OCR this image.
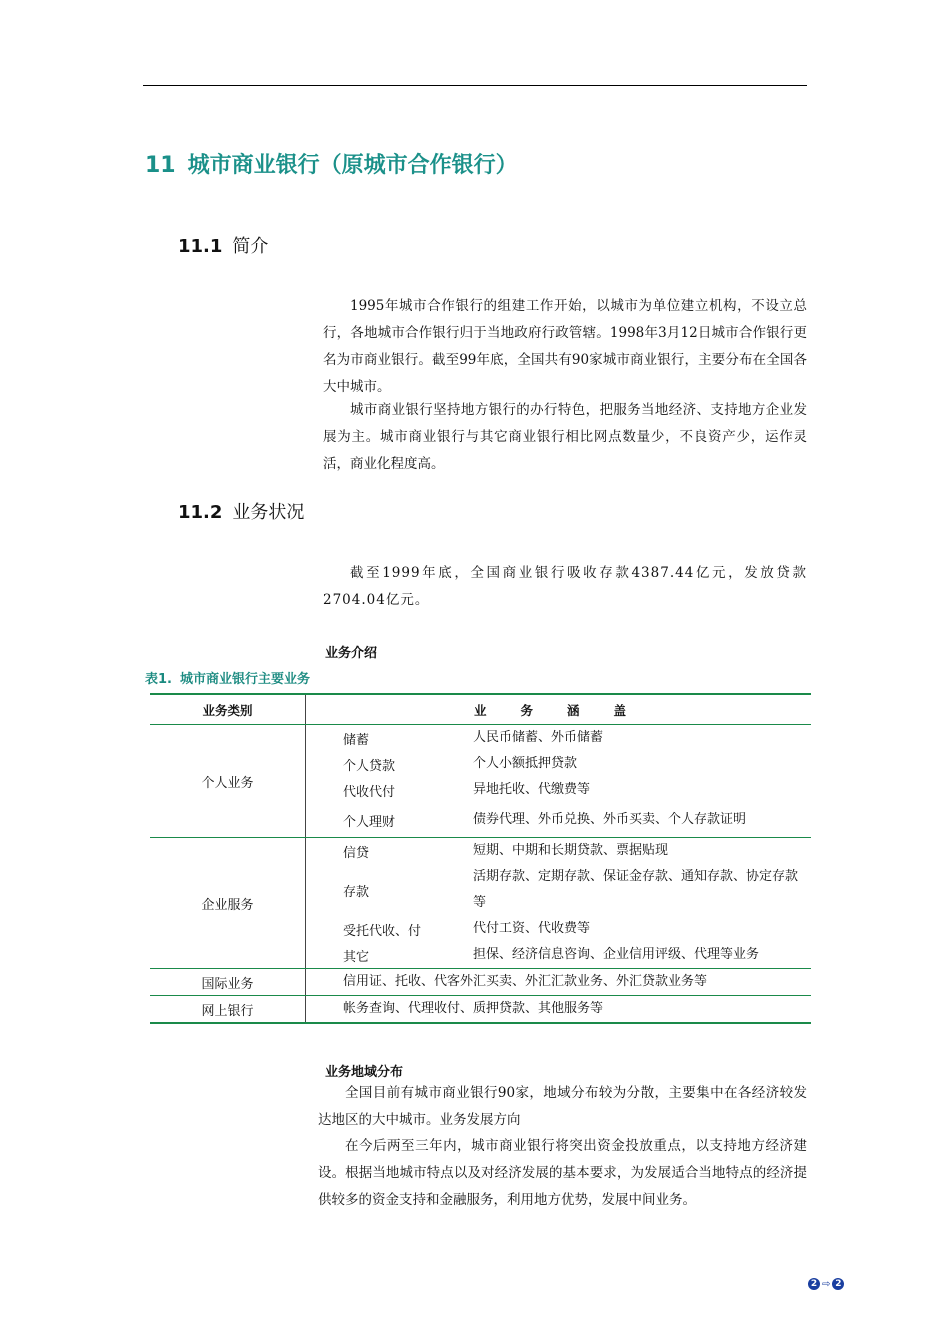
11 城市商业银行（原城市合作银行）
11.1 简介

1995年城市合作银行的组建工作开始，以城市为单位建立机构，不设立总行，各地城市合作银行归于当地政府行政管辖。1998年3月12日城市合作银行更名为市商业银行。截至99年底，全国共有90家城市商业银行，主要分布在全国各大中城市。

城市商业银行坚持地方银行的办行特色，把服务当地经济、支持地方企业发展为主。城市商业银行与其它商业银行相比网点数量少，不良资产少，运作灵活，商业化程度高。

11.2 业务状况

截至1999年底，全国商业银行吸收存款4387.44亿元，发放贷款2704.04亿元。

业务介绍
表1. 城市商业银行主要业务
业务类别	业务涵盖	
个人业务	储蓄	人民币储蓄、外币储蓄
	个人贷款	个人小额抵押贷款
	代收代付	异地托收、代缴费等
	个人理财	债券代理、外币兑换、外币买卖、个人存款证明
企业服务	信贷	短期、中期和长期贷款、票据贴现
	存款	活期存款、定期存款、保证金存款、通知存款、协定存款等
	受托代收、付	代付工资、代收费等
	其它	担保、经济信息咨询、企业信用评级、代理等业务
国际业务	信用证、托收、代客外汇买卖、外汇汇款业务、外汇贷款业务等	
网上银行	帐务查询、代理收付、质押贷款、其他服务等	
业务地域分布

全国目前有城市商业银行90家，地域分布较为分散，主要集中在各经济较发达地区的大中城市。业务发展方向

在今后两至三年内，城市商业银行将突出资金投放重点，以支持地方经济建设。根据当地城市特点以及对经济发展的基本要求，为发展适合当地特点的经济提供较多的资金支持和金融服务，利用地方优势，发展中间业务。

2 ⇨ 2
